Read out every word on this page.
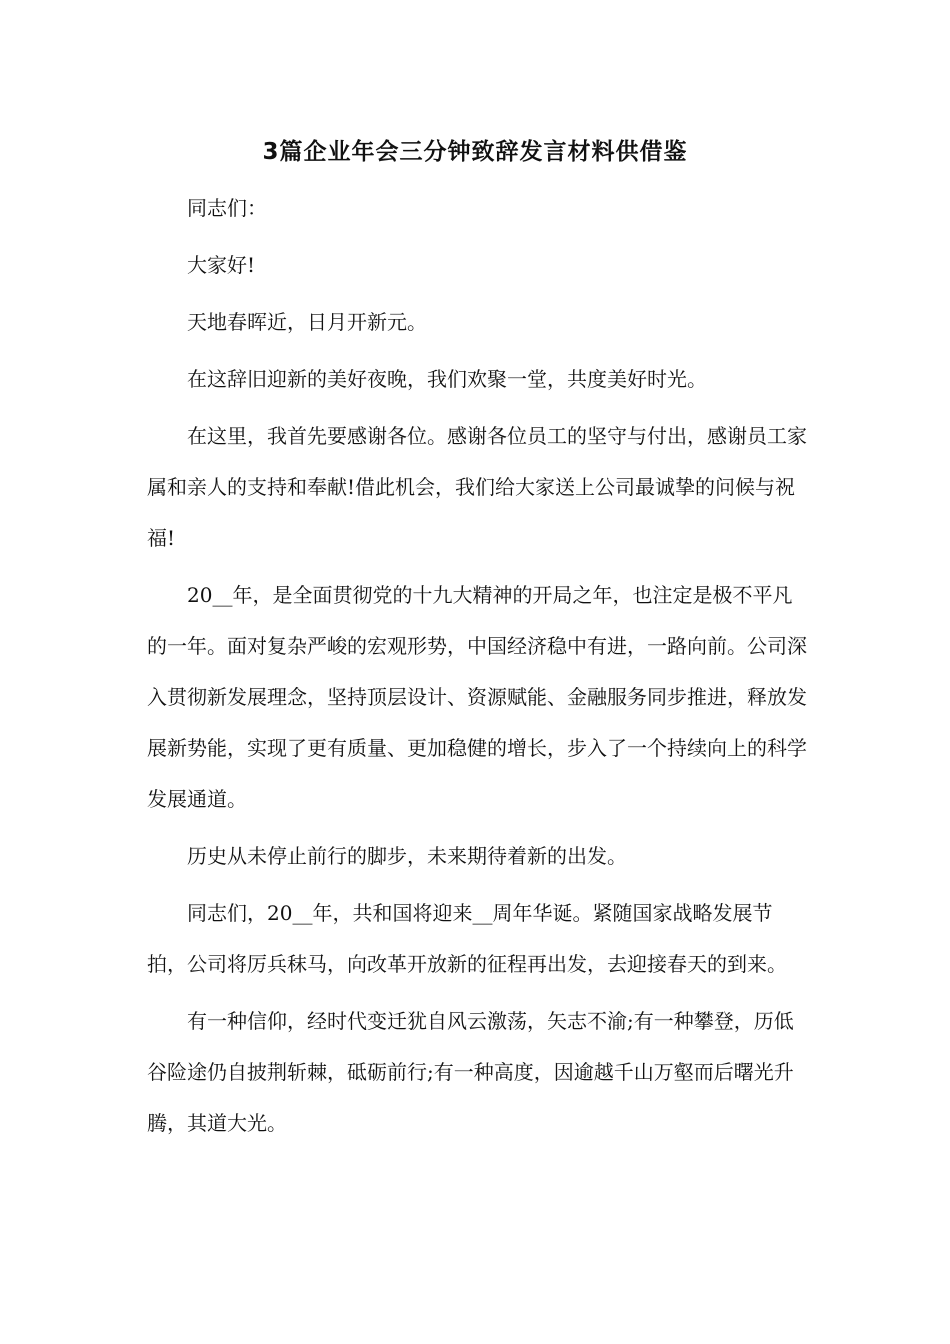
3篇企业年会三分钟致辞发言材料供借鉴

同志们：

大家好!

天地春晖近，日月开新元。

在这辞旧迎新的美好夜晚，我们欢聚一堂，共度美好时光。

在这里，我首先要感谢各位。感谢各位员工的坚守与付出，感谢员工家属和亲人的支持和奉献!借此机会，我们给大家送上公司最诚挚的问候与祝福!

20__年，是全面贯彻党的十九大精神的开局之年，也注定是极不平凡的一年。面对复杂严峻的宏观形势，中国经济稳中有进，一路向前。公司深入贯彻新发展理念，坚持顶层设计、资源赋能、金融服务同步推进，释放发展新势能，实现了更有质量、更加稳健的增长，步入了一个持续向上的科学发展通道。

历史从未停止前行的脚步，未来期待着新的出发。

同志们，20__年，共和国将迎来__周年华诞。紧随国家战略发展节拍，公司将厉兵秣马，向改革开放新的征程再出发，去迎接春天的到来。

有一种信仰，经时代变迁犹自风云激荡，矢志不渝;有一种攀登，历低谷险途仍自披荆斩棘，砥砺前行;有一种高度，因逾越千山万壑而后曙光升腾，其道大光。
